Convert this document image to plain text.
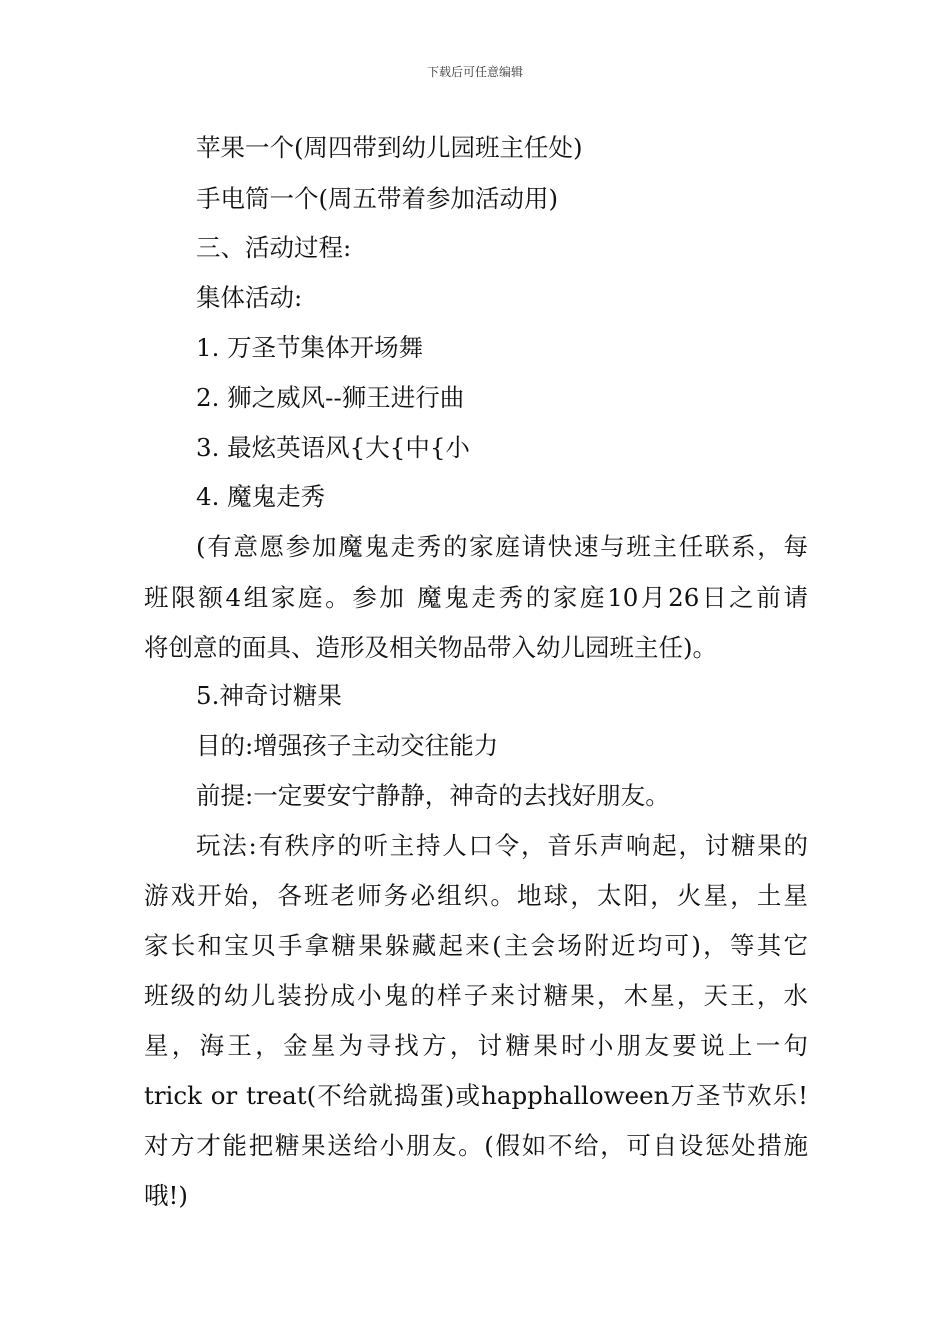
下载后可任意编辑
苹果一个(周四带到幼儿园班主任处)
手电筒一个(周五带着参加活动用)
三、活动过程:
集体活动:
1. 万圣节集体开场舞
2. 狮之威风--狮王进行曲
3. 最炫英语风{大{中{小
4. 魔鬼走秀
(有意愿参加魔鬼走秀的家庭请快速与班主任联系，每
班限额4组家庭。参加 魔鬼走秀的家庭10月26日之前请
将创意的面具、造形及相关物品带入幼儿园班主任)。
5.神奇讨糖果
目的:增强孩子主动交往能力
前提:一定要安宁静静，神奇的去找好朋友。
玩法:有秩序的听主持人口令，音乐声响起，讨糖果的
游戏开始，各班老师务必组织。地球，太阳，火星，土星
家长和宝贝手拿糖果躲藏起来(主会场附近均可)，等其它
班级的幼儿装扮成小鬼的样子来讨糖果，木星，天王，水
星，海王，金星为寻找方，讨糖果时小朋友要说上一句
trick or treat(不给就捣蛋)或happhalloween万圣节欢乐!
对方才能把糖果送给小朋友。(假如不给，可自设惩处措施
哦!)
